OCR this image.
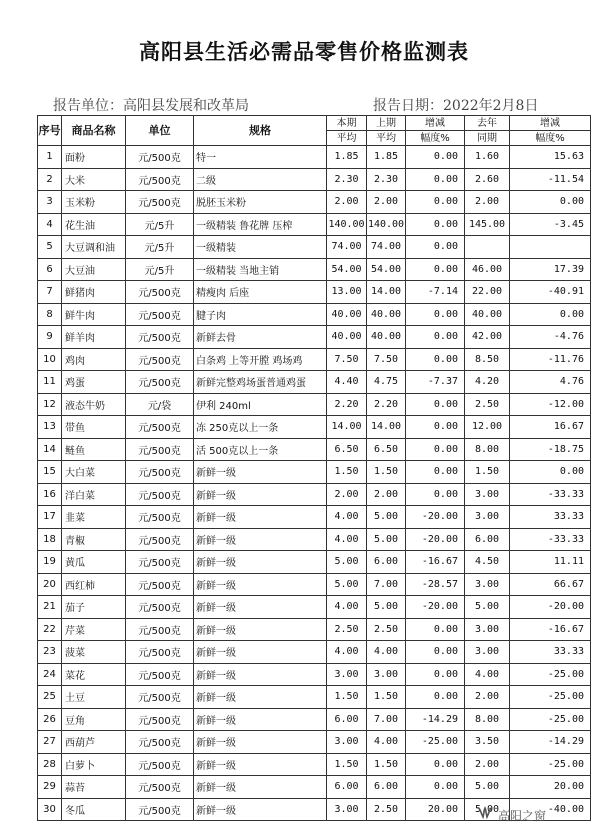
高阳县生活必需品零售价格监测表
报告单位：高阳县发展和改革局	报告日期：2022年2月8日
序号	商品名称	单位	规格	本期	上期	增减	去年	增减
				平均	平均	幅度%	同期	幅度%
1	面粉	元/500克	特一	1.85	1.85	0.00	1.60	15.63
2	大米	元/500克	二级	2.30	2.30	0.00	2.60	-11.54
3	玉米粉	元/500克	脱胚玉米粉	2.00	2.00	0.00	2.00	0.00
4	花生油	元/5升	一级精装 鲁花牌 压榨	140.00	140.00	0.00	145.00	-3.45
5	大豆调和油	元/5升	一级精装	74.00	74.00	0.00		
6	大豆油	元/5升	一级精装 当地主销	54.00	54.00	0.00	46.00	17.39
7	鲜猪肉	元/500克	精瘦肉 后座	13.00	14.00	-7.14	22.00	-40.91
8	鲜牛肉	元/500克	腱子肉	40.00	40.00	0.00	40.00	0.00
9	鲜羊肉	元/500克	新鲜去骨	40.00	40.00	0.00	42.00	-4.76
10	鸡肉	元/500克	白条鸡 上等开膛 鸡场鸡	7.50	7.50	0.00	8.50	-11.76
11	鸡蛋	元/500克	新鲜完整鸡场蛋普通鸡蛋	4.40	4.75	-7.37	4.20	4.76
12	液态牛奶	元/袋	伊利 240ml	2.20	2.20	0.00	2.50	-12.00
13	带鱼	元/500克	冻 250克以上一条	14.00	14.00	0.00	12.00	16.67
14	鲢鱼	元/500克	活 500克以上一条	6.50	6.50	0.00	8.00	-18.75
15	大白菜	元/500克	新鲜一级	1.50	1.50	0.00	1.50	0.00
16	洋白菜	元/500克	新鲜一级	2.00	2.00	0.00	3.00	-33.33
17	韭菜	元/500克	新鲜一级	4.00	5.00	-20.00	3.00	33.33
18	青椒	元/500克	新鲜一级	4.00	5.00	-20.00	6.00	-33.33
19	黄瓜	元/500克	新鲜一级	5.00	6.00	-16.67	4.50	11.11
20	西红柿	元/500克	新鲜一级	5.00	7.00	-28.57	3.00	66.67
21	茄子	元/500克	新鲜一级	4.00	5.00	-20.00	5.00	-20.00
22	芹菜	元/500克	新鲜一级	2.50	2.50	0.00	3.00	-16.67
23	菠菜	元/500克	新鲜一级	4.00	4.00	0.00	3.00	33.33
24	菜花	元/500克	新鲜一级	3.00	3.00	0.00	4.00	-25.00
25	土豆	元/500克	新鲜一级	1.50	1.50	0.00	2.00	-25.00
26	豆角	元/500克	新鲜一级	6.00	7.00	-14.29	8.00	-25.00
27	西葫芦	元/500克	新鲜一级	3.00	4.00	-25.00	3.50	-14.29
28	白萝卜	元/500克	新鲜一级	1.50	1.50	0.00	2.00	-25.00
29	蒜苔	元/500克	新鲜一级	6.00	6.00	0.00	5.00	20.00
30	冬瓜	元/500克	新鲜一级	3.00	2.50	20.00	5.00	-40.00
高阳之窗
